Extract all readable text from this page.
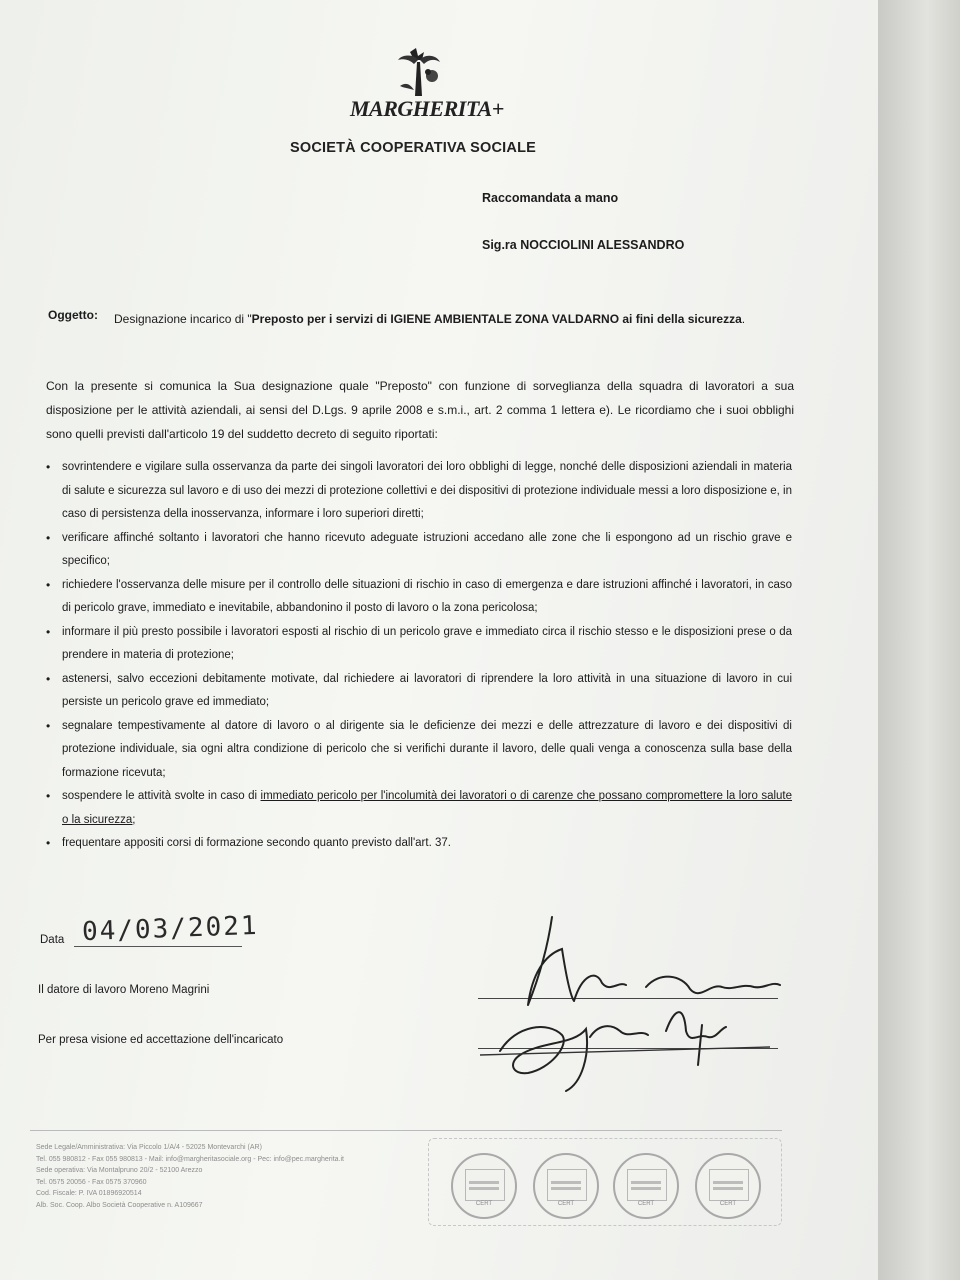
MARGHERITA+
SOCIETÀ COOPERATIVA SOCIALE
Raccomandata a mano
Sig.ra NOCCIOLINI ALESSANDRO
Oggetto: Designazione incarico di "Preposto per i servizi di IGIENE AMBIENTALE ZONA VALDARNO ai fini della sicurezza.
Con la presente si comunica la Sua designazione quale "Preposto" con funzione di sorveglianza della squadra di lavoratori a sua disposizione per le attività aziendali, ai sensi del D.Lgs. 9 aprile 2008 e s.m.i., art. 2 comma 1 lettera e). Le ricordiamo che i suoi obblighi sono quelli previsti dall'articolo 19 del suddetto decreto di seguito riportati:
• sovrintendere e vigilare sulla osservanza da parte dei singoli lavoratori dei loro obblighi di legge, nonché delle disposizioni aziendali in materia di salute e sicurezza sul lavoro e di uso dei mezzi di protezione collettivi e dei dispositivi di protezione individuale messi a loro disposizione e, in caso di persistenza della inosservanza, informare i loro superiori diretti;
• verificare affinché soltanto i lavoratori che hanno ricevuto adeguate istruzioni accedano alle zone che li espongono ad un rischio grave e specifico;
• richiedere l'osservanza delle misure per il controllo delle situazioni di rischio in caso di emergenza e dare istruzioni affinché i lavoratori, in caso di pericolo grave, immediato e inevitabile, abbandonino il posto di lavoro o la zona pericolosa;
• informare il più presto possibile i lavoratori esposti al rischio di un pericolo grave e immediato circa il rischio stesso e le disposizioni prese o da prendere in materia di protezione;
• astenersi, salvo eccezioni debitamente motivate, dal richiedere ai lavoratori di riprendere la loro attività in una situazione di lavoro in cui persiste un pericolo grave ed immediato;
• segnalare tempestivamente al datore di lavoro o al dirigente sia le deficienze dei mezzi e delle attrezzature di lavoro e dei dispositivi di protezione individuale, sia ogni altra condizione di pericolo che si verifichi durante il lavoro, delle quali venga a conoscenza sulla base della formazione ricevuta;
• sospendere le attività svolte in caso di immediato pericolo per l'incolumità dei lavoratori o di carenze che possano compromettere la loro salute o la sicurezza;
• frequentare appositi corsi di formazione secondo quanto previsto dall'art. 37.
Data 04/03/2021
Il datore di lavoro Moreno Magrini
Per presa visione ed accettazione dell'incaricato
Sede Legale/Amministrativa: Via Piccolo 1/A/4 - 52025 Montevarchi (AR)
Tel. 055 980812 - Fax 055 980813 - Mail: info@margheritasociale.org - Pec: info@pec.margherita.it
Sede operativa: Via Montalpruno 20/2 - 52100 Arezzo
Tel. 0575 20056 - Fax 0575 370960
Cod. Fiscale: P. IVA 01896920514
Alb. Soc. Coop. Albo Società Cooperative n. A109667	CERT	CERT	CERT	CERT
